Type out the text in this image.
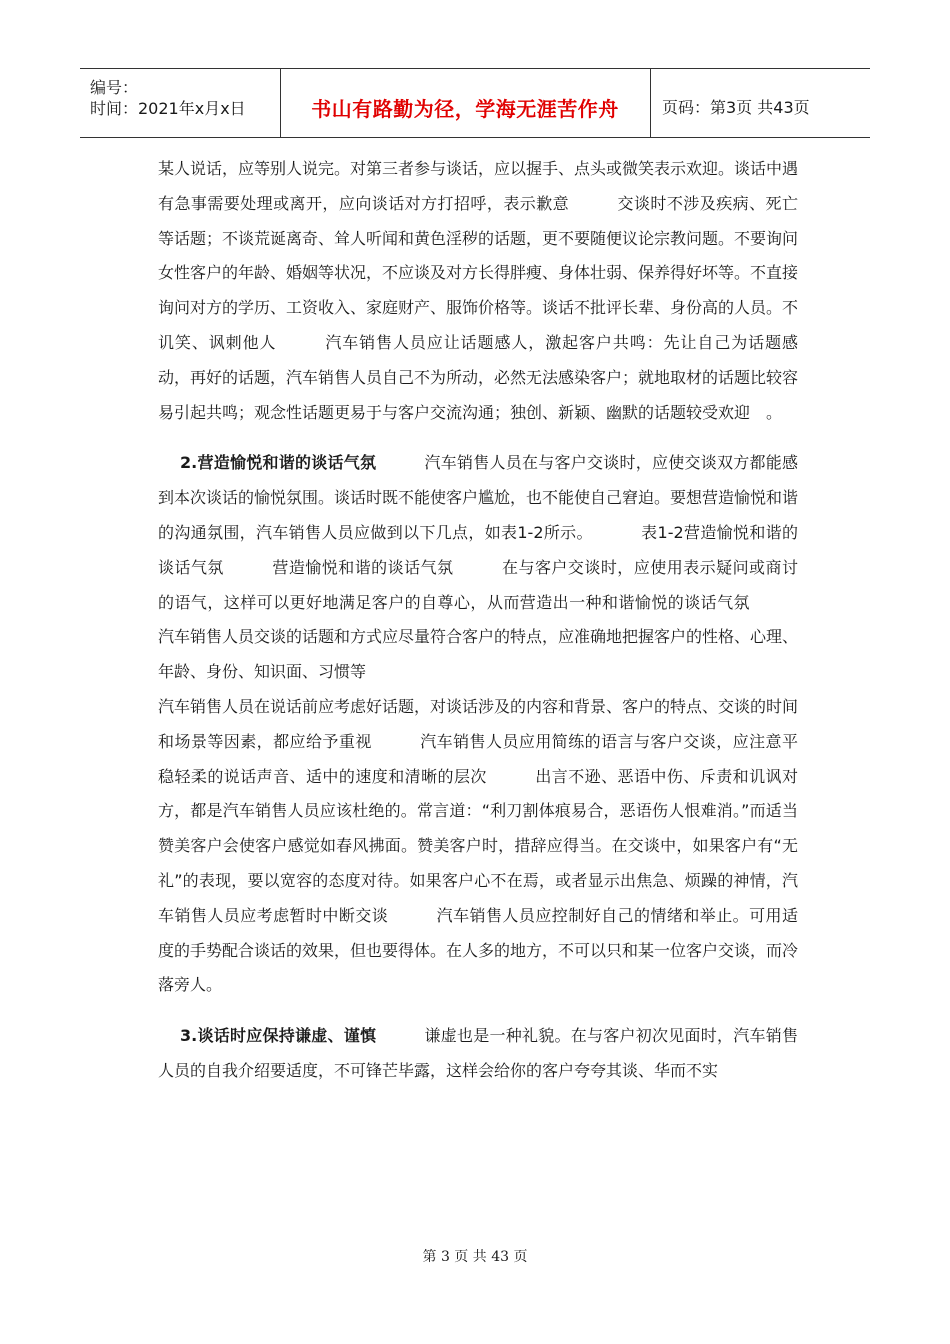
编号：
时间：2021年x月x日	书山有路勤为径，学海无涯苦作舟	页码：第3页 共43页

某人说话，应等别人说完。对第三者参与谈话，应以握手、点头或微笑表示欢迎。谈话中遇有急事需要处理或离开，应向谈话对方打招呼，表示歉意	交谈时不涉及疾病、死亡等话题；不谈荒诞离奇、耸人听闻和黄色淫秽的话题，更不要随便议论宗教问题。不要询问女性客户的年龄、婚姻等状况，不应谈及对方长得胖瘦、身体壮弱、保养得好坏等。不直接询问对方的学历、工资收入、家庭财产、服饰价格等。谈话不批评长辈、身份高的人员。不讥笑、讽刺他人	汽车销售人员应让话题感人，激起客户共鸣：先让自己为话题感动，再好的话题，汽车销售人员自己不为所动，必然无法感染客户；就地取材的话题比较容易引起共鸣；观念性话题更易于与客户交流沟通；独创、新颖、幽默的话题较受欢迎 。

2.营造愉悦和谐的谈话气氛	汽车销售人员在与客户交谈时，应使交谈双方都能感到本次谈话的愉悦氛围。谈话时既不能使客户尴尬，也不能使自己窘迫。要想营造愉悦和谐的沟通氛围，汽车销售人员应做到以下几点，如表1-2所示。	表1-2营造愉悦和谐的谈话气氛	营造愉悦和谐的谈话气氛	在与客户交谈时，应使用表示疑问或商讨的语气，这样可以更好地满足客户的自尊心，从而营造出一种和谐愉悦的谈话气氛汽车销售人员交谈的话题和方式应尽量符合客户的特点，应准确地把握客户的性格、心理、年龄、身份、知识面、习惯等
汽车销售人员在说话前应考虑好话题，对谈话涉及的内容和背景、客户的特点、交谈的时间和场景等因素，都应给予重视	汽车销售人员应用简练的语言与客户交谈，应注意平稳轻柔的说话声音、适中的速度和清晰的层次	出言不逊、恶语中伤、斥责和讥讽对方，都是汽车销售人员应该杜绝的。常言道：“利刀割体痕易合，恶语伤人恨难消。”而适当赞美客户会使客户感觉如春风拂面。赞美客户时，措辞应得当。在交谈中，如果客户有“无礼”的表现，要以宽容的态度对待。如果客户心不在焉，或者显示出焦急、烦躁的神情，汽车销售人员应考虑暂时中断交谈	汽车销售人员应控制好自己的情绪和举止。可用适度的手势配合谈话的效果，但也要得体。在人多的地方，不可以只和某一位客户交谈，而冷落旁人。

3.谈话时应保持谦虚、谨慎	谦虚也是一种礼貌。在与客户初次见面时，汽车销售人员的自我介绍要适度，不可锋芒毕露，这样会给你的客户夸夸其谈、华而不实

第 3 页 共 43 页
